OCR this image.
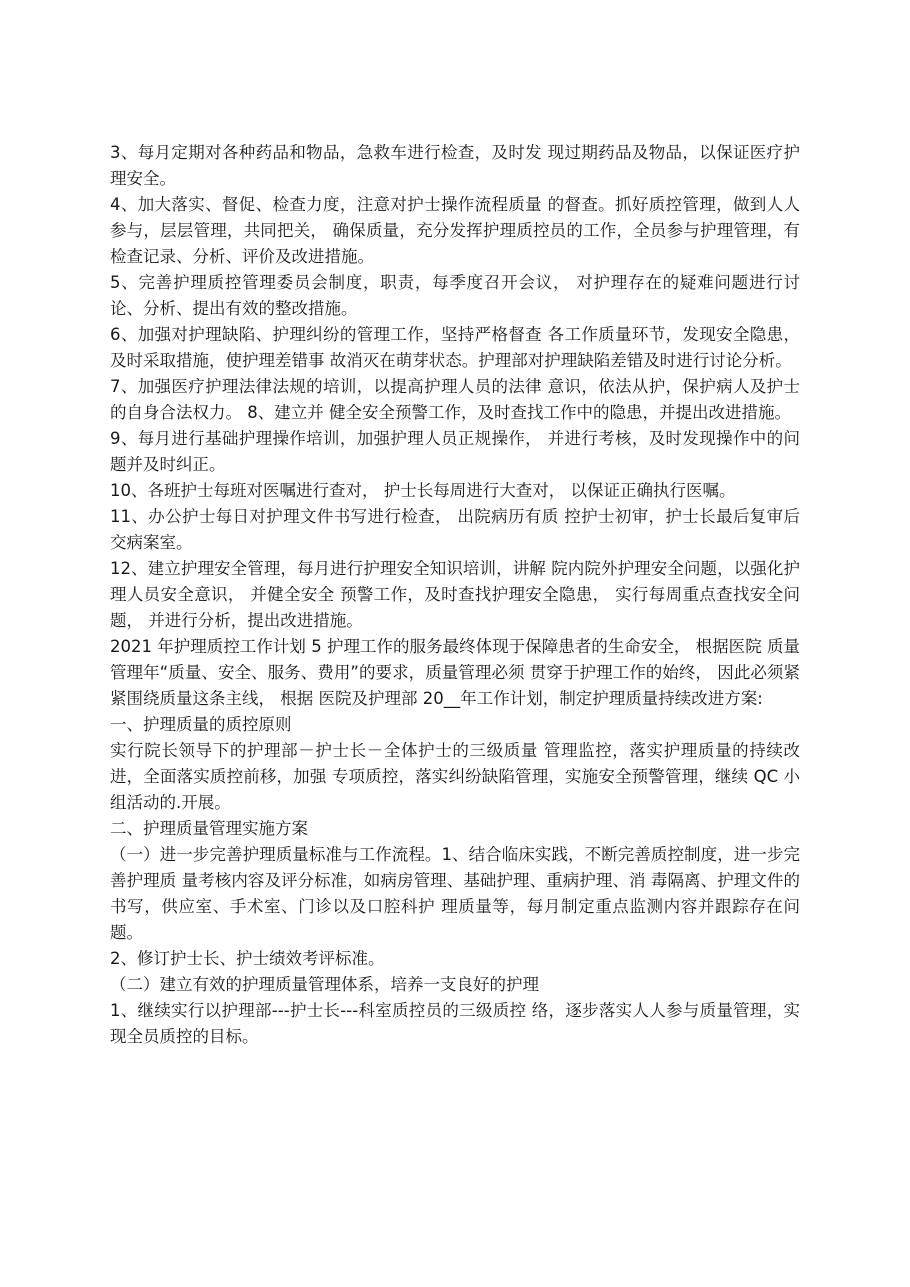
3、每月定期对各种药品和物品，急救车进行检查，及时发 现过期药品及物品，以保证医疗护理安全。

4、加大落实、督促、检查力度，注意对护士操作流程质量 的督查。抓好质控管理，做到人人参与，层层管理，共同把关， 确保质量，充分发挥护理质控员的工作，全员参与护理管理，有 检查记录、分析、评价及改进措施。

5、完善护理质控管理委员会制度，职责，每季度召开会议， 对护理存在的疑难问题进行讨论、分析、提出有效的整改措施。

6、加强对护理缺陷、护理纠纷的管理工作，坚持严格督查 各工作质量环节，发现安全隐患，及时采取措施，使护理差错事 故消灭在萌芽状态。护理部对护理缺陷差错及时进行讨论分析。

7、加强医疗护理法律法规的培训，以提高护理人员的法律 意识，依法从护，保护病人及护士的自身合法权力。 8、建立并 健全安全预警工作，及时查找工作中的隐患，并提出改进措施。

9、每月进行基础护理操作培训，加强护理人员正规操作， 并进行考核，及时发现操作中的问题并及时纠正。

10、各班护士每班对医嘱进行查对， 护士长每周进行大查对， 以保证正确执行医嘱。

11、办公护士每日对护理文件书写进行检查， 出院病历有质 控护士初审，护士长最后复审后交病案室。

12、建立护理安全管理，每月进行护理安全知识培训，讲解 院内院外护理安全问题，以强化护理人员安全意识， 并健全安全 预警工作，及时查找护理安全隐患， 实行每周重点查找安全问题， 并进行分析，提出改进措施。

2021 年护理质控工作计划 5 护理工作的服务最终体现于保障患者的生命安全， 根据医院 质量管理年“质量、安全、服务、费用”的要求，质量管理必须 贯穿于护理工作的始终， 因此必须紧紧围绕质量这条主线， 根据 医院及护理部 20__年工作计划，制定护理质量持续改进方案:

一、护理质量的质控原则

实行院长领导下的护理部－护士长－全体护士的三级质量 管理监控，落实护理质量的持续改进，全面落实质控前移，加强 专项质控，落实纠纷缺陷管理，实施安全预警管理，继续 QC 小 组活动的.开展。

二、护理质量管理实施方案

（一）进一步完善护理质量标准与工作流程。1、结合临床实践，不断完善质控制度，进一步完善护理质 量考核内容及评分标准，如病房管理、基础护理、重病护理、消 毒隔离、护理文件的书写，供应室、手术室、门诊以及口腔科护 理质量等，每月制定重点监测内容并跟踪存在问题。

2、修订护士长、护士绩效考评标准。

（二）建立有效的护理质量管理体系，培养一支良好的护理

1、继续实行以护理部---护士长---科室质控员的三级质控 络，逐步落实人人参与质量管理，实现全员质控的目标。
